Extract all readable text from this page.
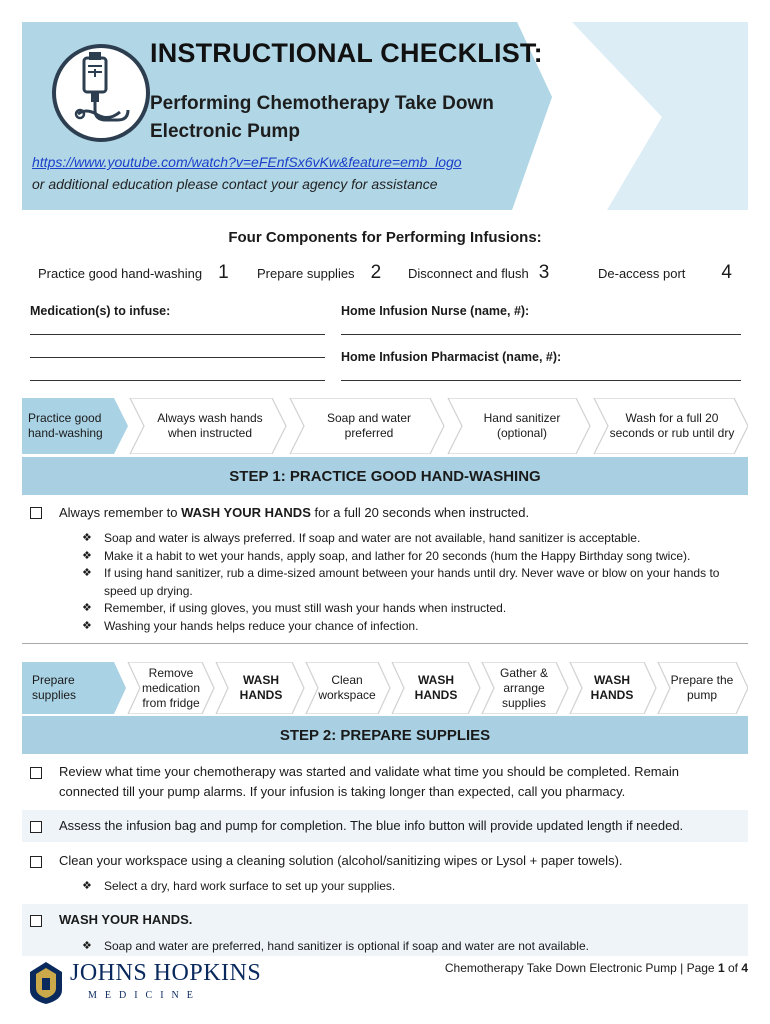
INSTRUCTIONAL CHECKLIST:
Performing Chemotherapy Take Down Electronic Pump
https://www.youtube.com/watch?v=eFEnfSx6vKw&feature=emb_logo
or additional education please contact your agency for assistance
Four Components for Performing Infusions:
Practice good hand-washing 1 Prepare supplies 2 Disconnect and flush 3	De-access port 4
Medication(s) to infuse:	Home Infusion Nurse (name, #):
Home Infusion Pharmacist (name, #):
Practice good hand-washing
Always wash hands when instructed
Soap and water preferred
Hand sanitizer (optional)
Wash for a full 20 seconds or rub until dry
STEP 1: PRACTICE GOOD HAND-WASHING
Always remember to WASH YOUR HANDS for a full 20 seconds when instructed.
❖ Soap and water is always preferred. If soap and water are not available, hand sanitizer is acceptable.
❖ Make it a habit to wet your hands, apply soap, and lather for 20 seconds (hum the Happy Birthday song twice).
❖ If using hand sanitizer, rub a dime-sized amount between your hands until dry. Never wave or blow on your hands to speed up drying.
❖ Remember, if using gloves, you must still wash your hands when instructed.
❖ Washing your hands helps reduce your chance of infection.
Prepare supplies
Remove medication from fridge
WASH HANDS
Clean workspace
WASH HANDS
Gather & arrange supplies
WASH HANDS
Prepare the pump
STEP 2: PREPARE SUPPLIES
Review what time your chemotherapy was started and validate what time you should be completed. Remain connected till your pump alarms. If your infusion is taking longer than expected, call you pharmacy.
Assess the infusion bag and pump for completion. The blue info button will provide updated length if needed.
Clean your workspace using a cleaning solution (alcohol/sanitizing wipes or Lysol + paper towels).
❖ Select a dry, hard work surface to set up your supplies.
WASH YOUR HANDS.
❖ Soap and water are preferred, hand sanitizer is optional if soap and water are not available.
JOHNS HOPKINS
MEDICINE
Chemotherapy Take Down Electronic Pump | Page 1 of 4
